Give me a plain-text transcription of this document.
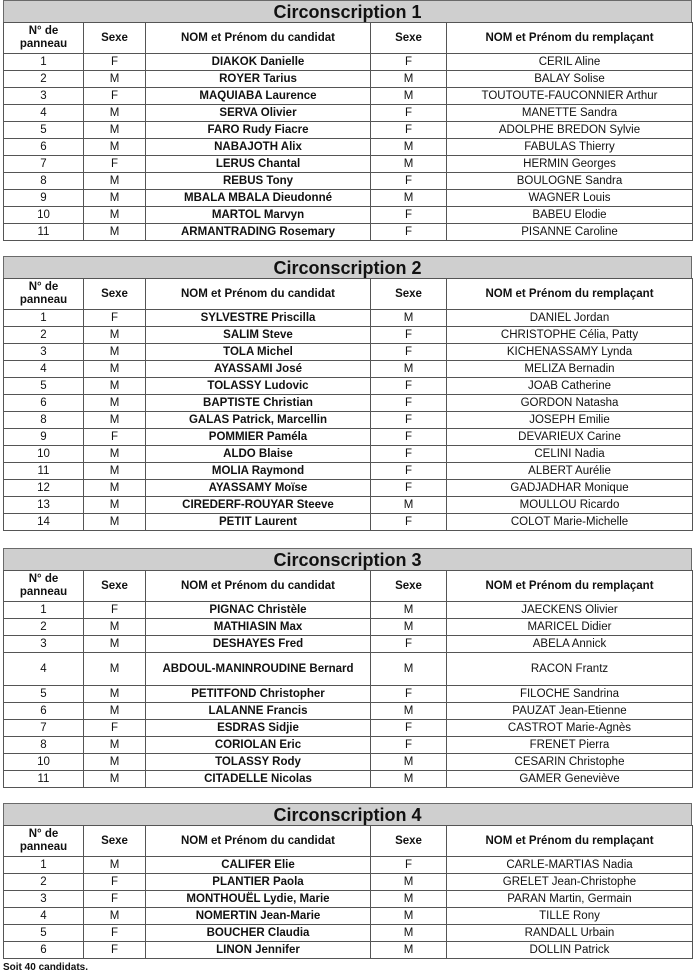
Circonscription 1
N° de panneau	Sexe	NOM et Prénom du candidat	Sexe	NOM et Prénom du remplaçant
1	F	DIAKOK Danielle	F	CERIL Aline
2	M	ROYER Tarius	M	BALAY Solise
3	F	MAQUIABA Laurence	M	TOUTOUTE-FAUCONNIER Arthur
4	M	SERVA Olivier	F	MANETTE Sandra
5	M	FARO Rudy Fiacre	F	ADOLPHE BREDON Sylvie
6	M	NABAJOTH Alix	M	FABULAS Thierry
7	F	LERUS Chantal	M	HERMIN Georges
8	M	REBUS Tony	F	BOULOGNE Sandra
9	M	MBALA MBALA Dieudonné	M	WAGNER Louis
10	M	MARTOL Marvyn	F	BABEU Elodie
11	M	ARMANTRADING Rosemary	F	PISANNE Caroline
Circonscription 2
N° de panneau	Sexe	NOM et Prénom du candidat	Sexe	NOM et Prénom du remplaçant
1	F	SYLVESTRE Priscilla	M	DANIEL Jordan
2	M	SALIM Steve	F	CHRISTOPHE Célia, Patty
3	M	TOLA Michel	F	KICHENASSAMY Lynda
4	M	AYASSAMI José	M	MELIZA Bernadin
5	M	TOLASSY Ludovic	F	JOAB Catherine
6	M	BAPTISTE Christian	F	GORDON Natasha
8	M	GALAS Patrick, Marcellin	F	JOSEPH Emilie
9	F	POMMIER Paméla	F	DEVARIEUX Carine
10	M	ALDO Blaise	F	CELINI Nadia
11	M	MOLIA Raymond	F	ALBERT Aurélie
12	M	AYASSAMY Moïse	F	GADJADHAR Monique
13	M	CIREDERF-ROUYAR Steeve	M	MOULLOU Ricardo
14	M	PETIT Laurent	F	COLOT Marie-Michelle
Circonscription 3
N° de panneau	Sexe	NOM et Prénom du candidat	Sexe	NOM et Prénom du remplaçant
1	F	PIGNAC Christèle	M	JAECKENS Olivier
2	M	MATHIASIN Max	M	MARICEL Didier
3	M	DESHAYES Fred	F	ABELA Annick
4	M	ABDOUL-MANINROUDINE Bernard	M	RACON Frantz
5	M	PETITFOND Christopher	F	FILOCHE Sandrina
6	M	LALANNE Francis	M	PAUZAT Jean-Etienne
7	F	ESDRAS Sidjie	F	CASTROT Marie-Agnès
8	M	CORIOLAN Eric	F	FRENET Pierra
10	M	TOLASSY Rody	M	CESARIN Christophe
11	M	CITADELLE Nicolas	M	GAMER Geneviève
Circonscription 4
N° de panneau	Sexe	NOM et Prénom du candidat	Sexe	NOM et Prénom du remplaçant
1	M	CALIFER Elie	F	CARLE-MARTIAS Nadia
2	F	PLANTIER Paola	M	GRELET Jean-Christophe
3	F	MONTHOUËL Lydie, Marie	M	PARAN Martin, Germain
4	M	NOMERTIN Jean-Marie	M	TILLE Rony
5	F	BOUCHER Claudia	M	RANDALL Urbain
6	F	LINON Jennifer	M	DOLLIN Patrick
Soit 40 candidats.
